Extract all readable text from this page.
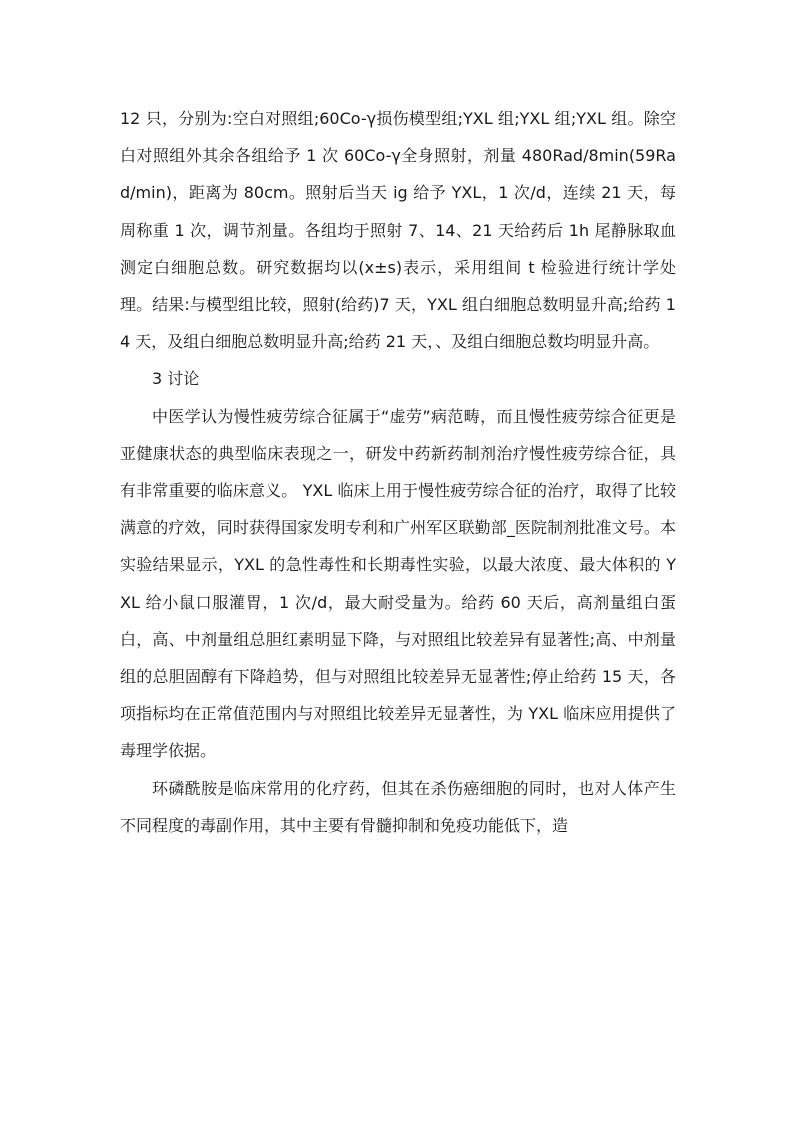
12 只，分别为:空白对照组;60Co-γ损伤模型组;YXL 组;YXL 组;YXL 组。除空白对照组外其余各组给予 1 次 60Co-γ全身照射，剂量 480Rad/8min(59Rad/min)，距离为 80cm。照射后当天 ig 给予 YXL，1 次/d，连续 21 天，每周称重 1 次，调节剂量。各组均于照射 7、14、21 天给药后 1h 尾静脉取血测定白细胞总数。研究数据均以(x±s)表示，采用组间 t 检验进行统计学处理。结果:与模型组比较，照射(给药)7 天，YXL 组白细胞总数明显升高;给药 14 天，及组白细胞总数明显升高;给药 21 天，、及组白细胞总数均明显升高。

3 讨论

中医学认为慢性疲劳综合征属于“虚劳”病范畴，而且慢性疲劳综合征更是亚健康状态的典型临床表现之一，研发中药新药制剂治疗慢性疲劳综合征，具有非常重要的临床意义。 YXL 临床上用于慢性疲劳综合征的治疗，取得了比较满意的疗效，同时获得国家发明专利和广州军区联勤部_医院制剂批准文号。本实验结果显示，YXL 的急性毒性和长期毒性实验，以最大浓度、最大体积的 YXL 给小鼠口服灌胃，1 次/d，最大耐受量为。给药 60 天后，高剂量组白蛋白，高、中剂量组总胆红素明显下降，与对照组比较差异有显著性;高、中剂量组的总胆固醇有下降趋势，但与对照组比较差异无显著性;停止给药 15 天，各项指标均在正常值范围内与对照组比较差异无显著性，为 YXL 临床应用提供了毒理学依据。

环磷酰胺是临床常用的化疗药，但其在杀伤癌细胞的同时，也对人体产生不同程度的毒副作用，其中主要有骨髓抑制和免疫功能低下，造
